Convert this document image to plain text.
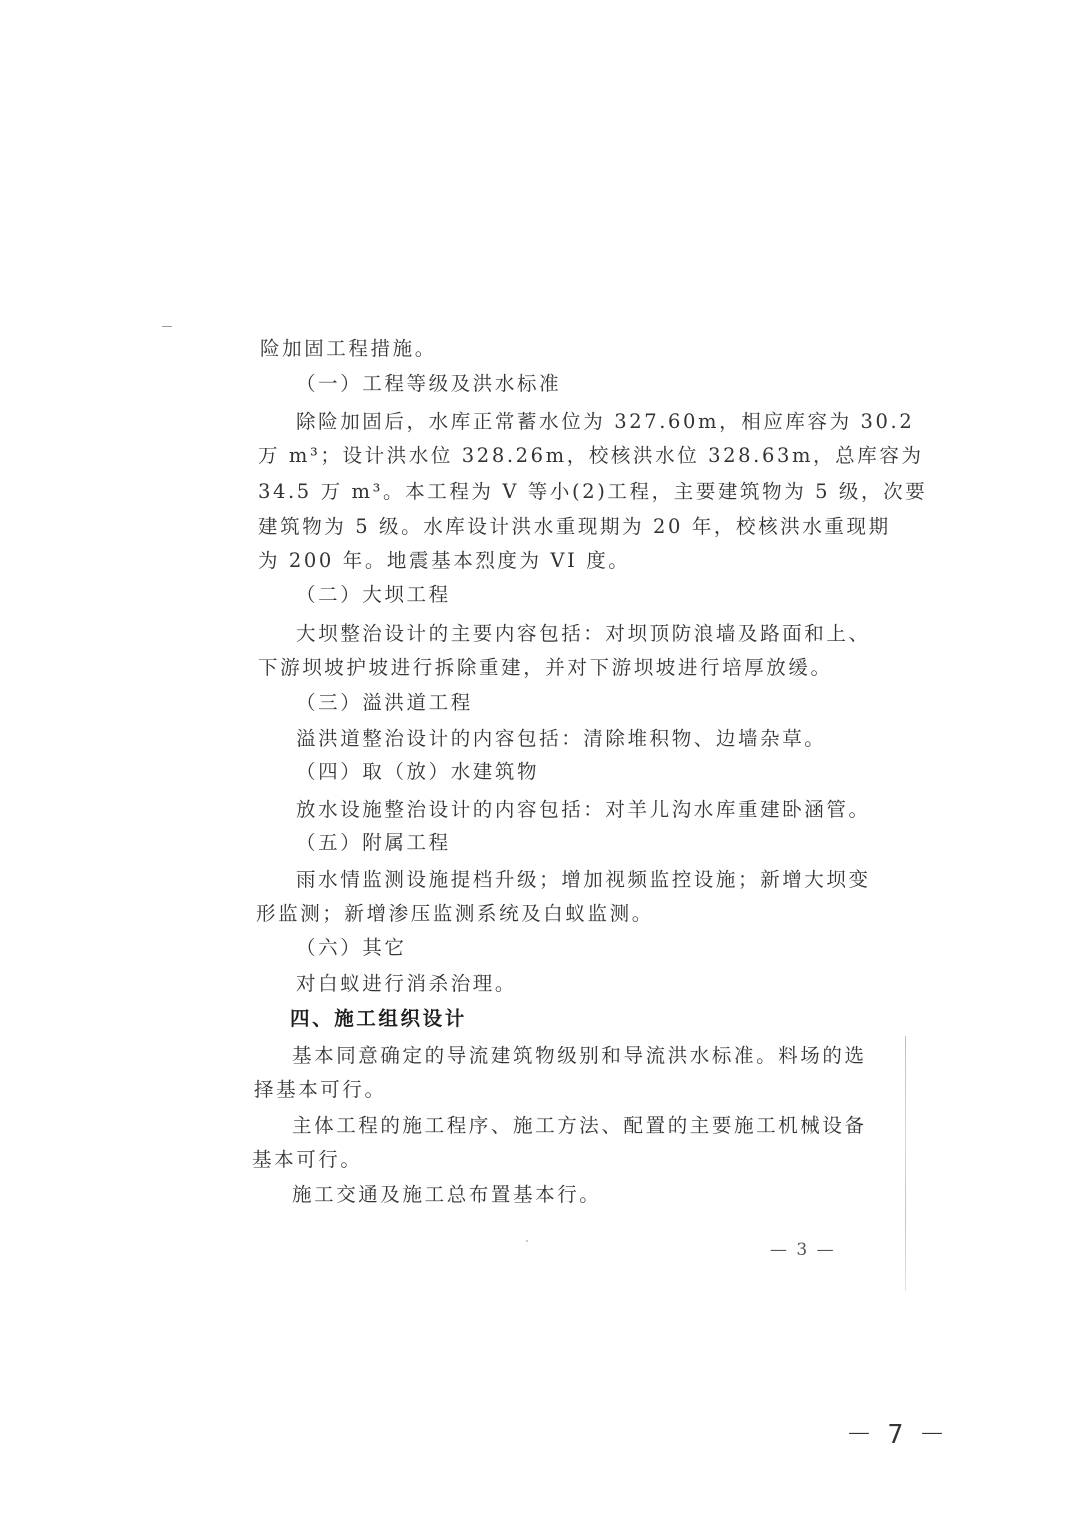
险加固工程措施。
（一）工程等级及洪水标准
除险加固后，水库正常蓄水位为 327.60m，相应库容为 30.2
万 m³；设计洪水位 328.26m，校核洪水位 328.63m，总库容为
34.5 万 m³。本工程为 V 等小(2)工程，主要建筑物为 5 级，次要
建筑物为 5 级。水库设计洪水重现期为 20 年，校核洪水重现期
为 200 年。地震基本烈度为 VI 度。
（二）大坝工程
大坝整治设计的主要内容包括：对坝顶防浪墙及路面和上、
下游坝坡护坡进行拆除重建，并对下游坝坡进行培厚放缓。
（三）溢洪道工程
溢洪道整治设计的内容包括：清除堆积物、边墙杂草。
（四）取（放）水建筑物
放水设施整治设计的内容包括：对羊儿沟水库重建卧涵管。
（五）附属工程
雨水情监测设施提档升级；增加视频监控设施；新增大坝变
形监测；新增渗压监测系统及白蚁监测。
（六）其它
对白蚁进行消杀治理。
四、施工组织设计
基本同意确定的导流建筑物级别和导流洪水标准。料场的选
择基本可行。
主体工程的施工程序、施工方法、配置的主要施工机械设备
基本可行。
施工交通及施工总布置基本行。
— 3 —
－ 7 －
